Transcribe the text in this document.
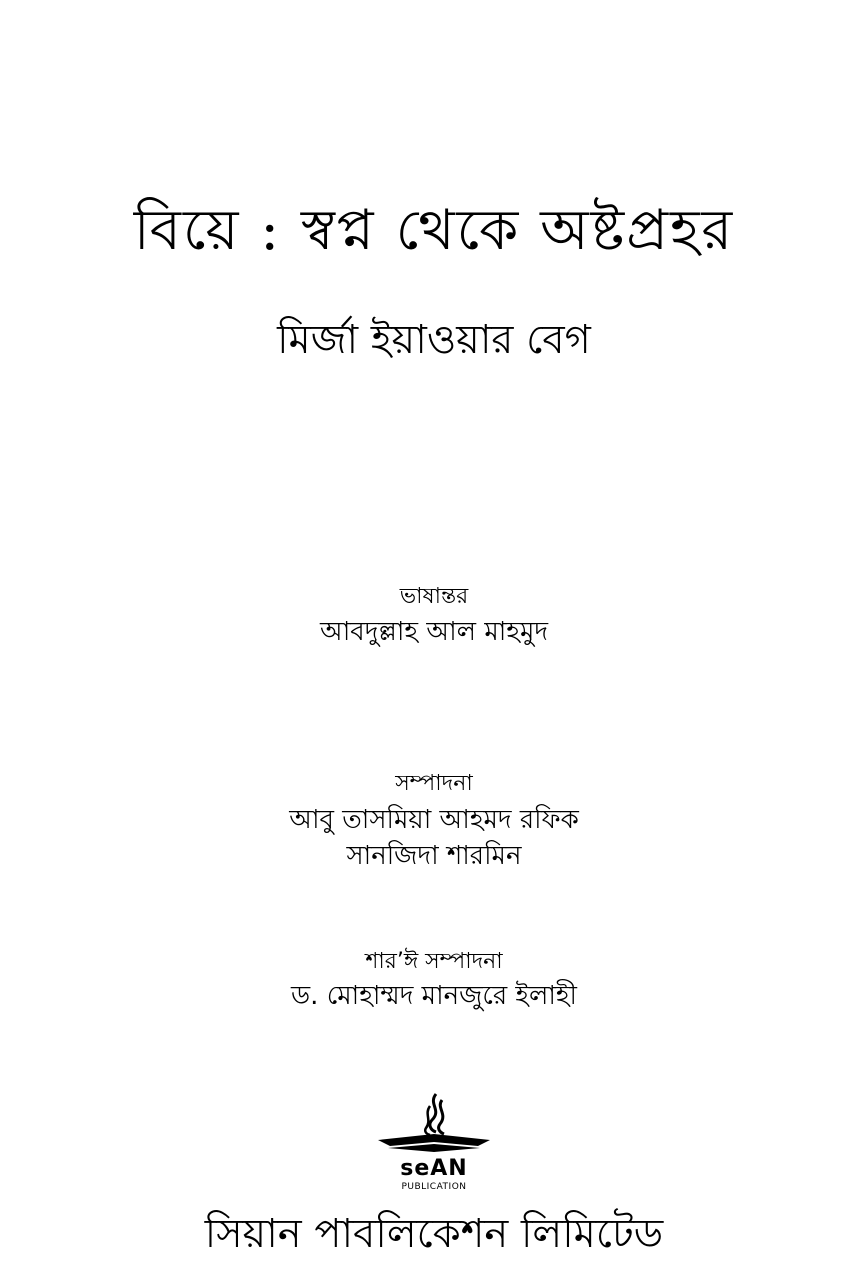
বিয়ে : স্বপ্ন থেকে অষ্টপ্রহর
মির্জা ইয়াওয়ার বেগ
ভাষান্তর
আবদুল্লাহ আল মাহমুদ
সম্পাদনা
আবু তাসমিয়া আহমদ রফিক
সানজিদা শারমিন
শার’ঈ সম্পাদনা
ড. মোহাম্মদ মানজুরে ইলাহী
seAN
PUBLICATION
সিয়ান পাবলিকেশন লিমিটেড
